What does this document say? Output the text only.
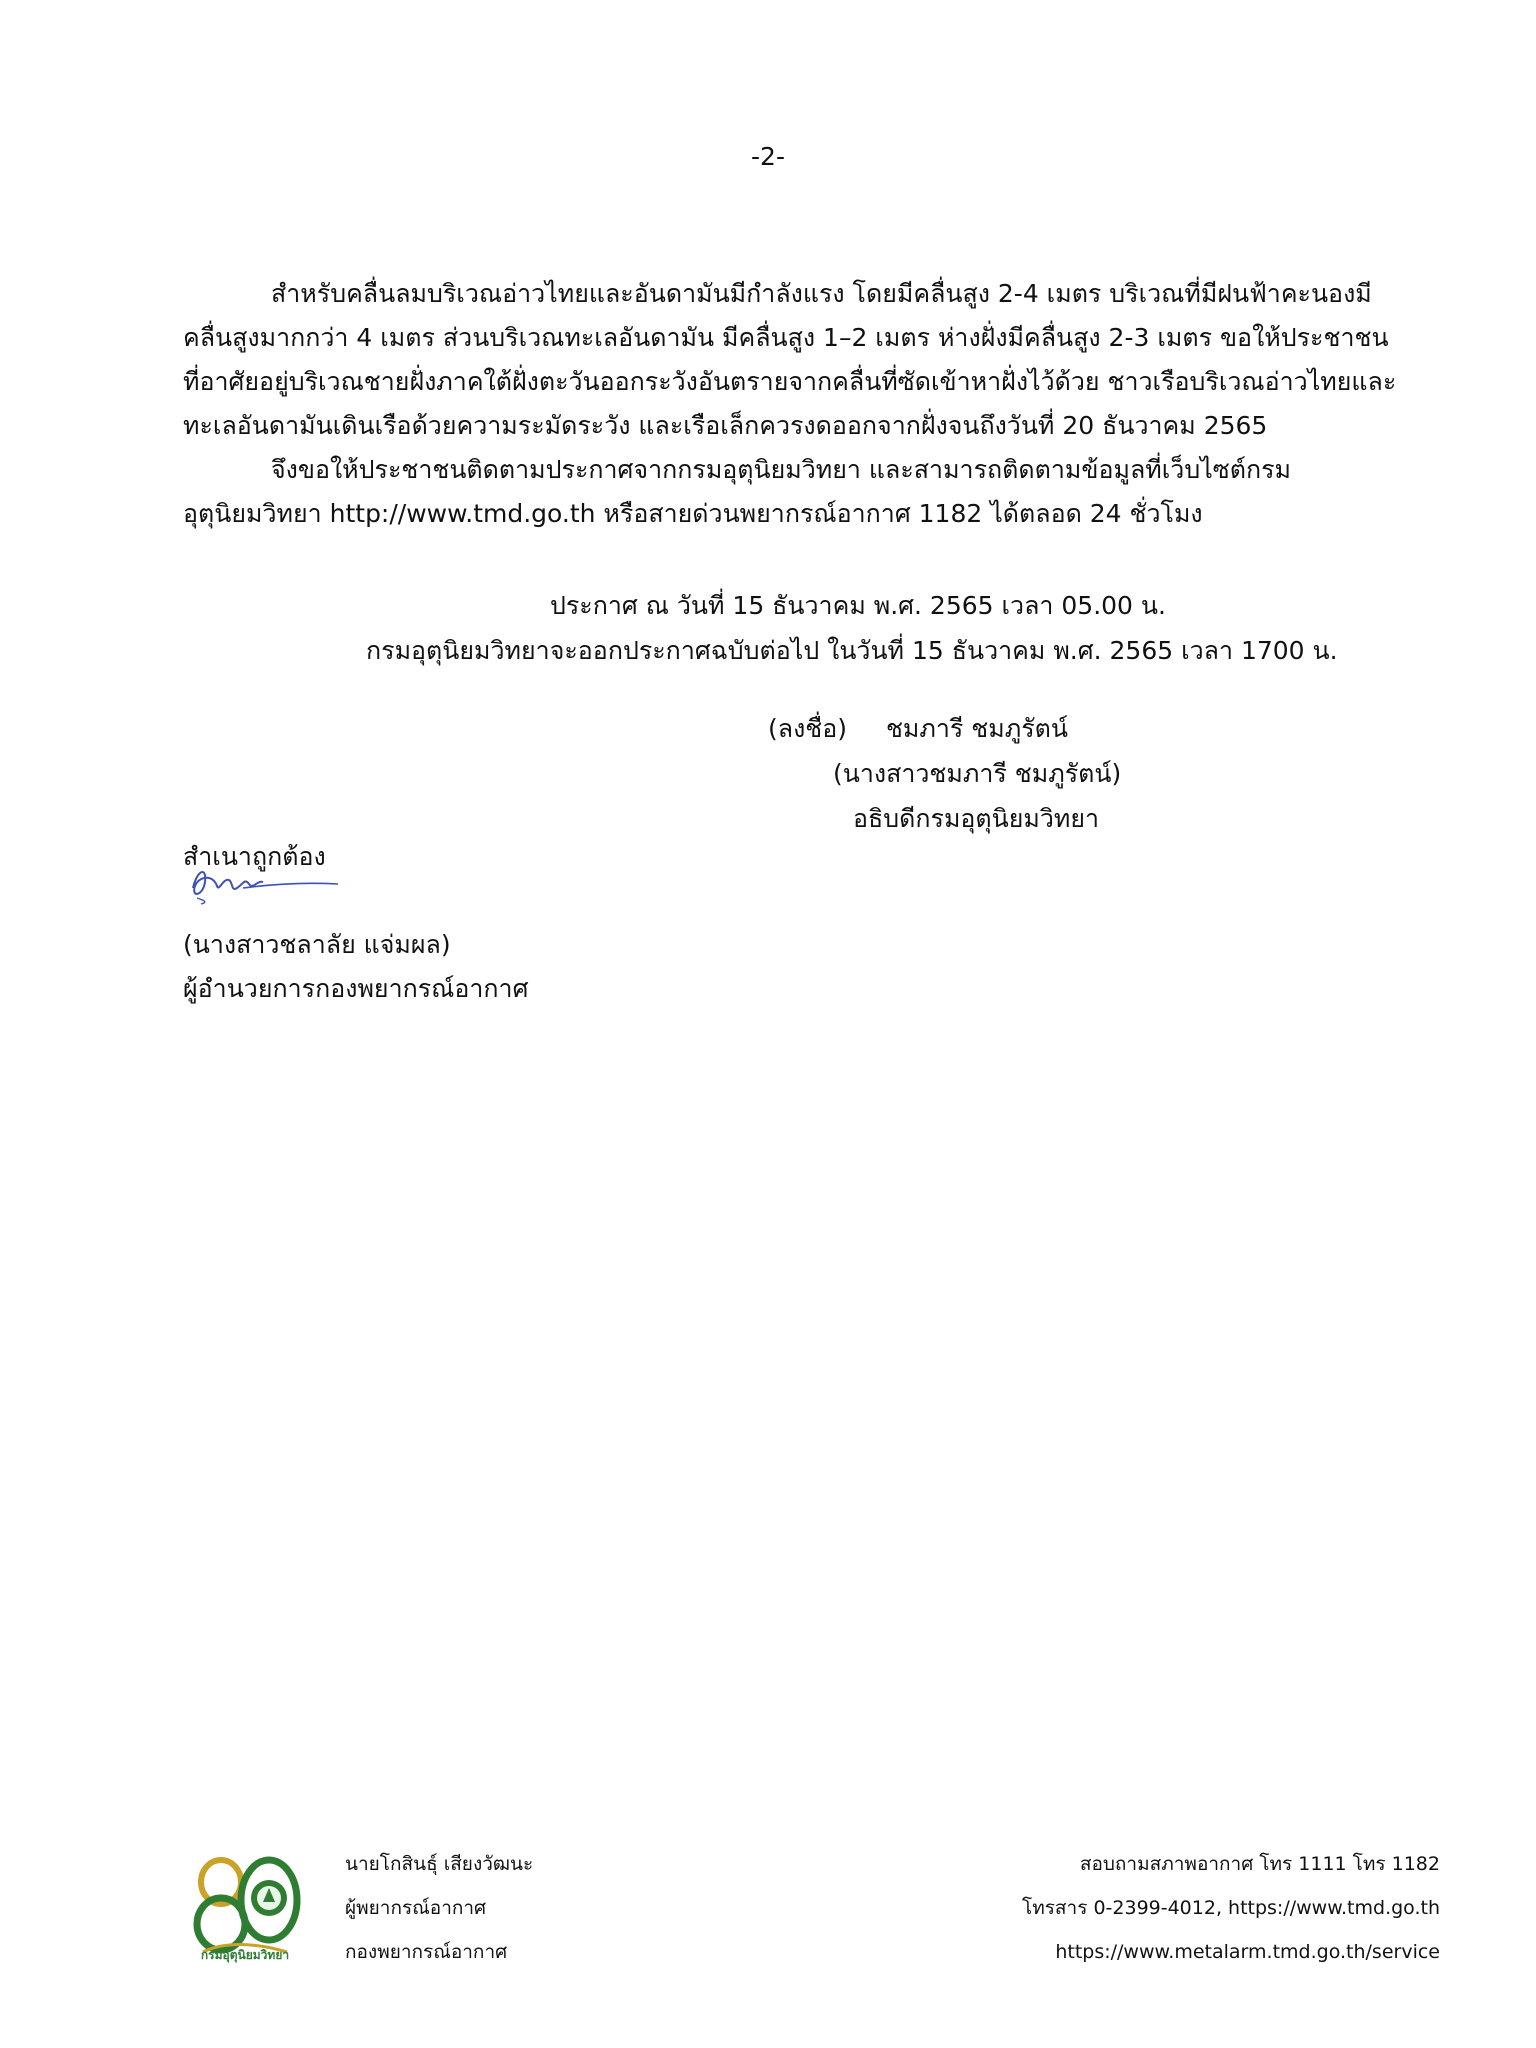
-2-

สำหรับคลื่นลมบริเวณอ่าวไทยและอันดามันมีกำลังแรง โดยมีคลื่นสูง 2-4 เมตร บริเวณที่มีฝนฟ้าคะนองมี
คลื่นสูงมากกว่า 4 เมตร ส่วนบริเวณทะเลอันดามัน มีคลื่นสูง 1–2 เมตร ห่างฝั่งมีคลื่นสูง 2-3 เมตร ขอให้ประชาชน
ที่อาศัยอยู่บริเวณชายฝั่งภาคใต้ฝั่งตะวันออกระวังอันตรายจากคลื่นที่ซัดเข้าหาฝั่งไว้ด้วย ชาวเรือบริเวณอ่าวไทยและ
ทะเลอันดามันเดินเรือด้วยความระมัดระวัง และเรือเล็กควรงดออกจากฝั่งจนถึงวันที่ 20 ธันวาคม 2565

จึงขอให้ประชาชนติดตามประกาศจากกรมอุตุนิยมวิทยา และสามารถติดตามข้อมูลที่เว็บไซต์กรม
อุตุนิยมวิทยา http://www.tmd.go.th หรือสายด่วนพยากรณ์อากาศ 1182 ได้ตลอด 24 ชั่วโมง

ประกาศ ณ วันที่ 15 ธันวาคม พ.ศ. 2565 เวลา 05.00 น.
กรมอุตุนิยมวิทยาจะออกประกาศฉบับต่อไป ในวันที่ 15 ธันวาคม พ.ศ. 2565 เวลา 1700 น.
(ลงชื่อ) ชมภารี ชมภูรัตน์
(นางสาวชมภารี ชมภูรัตน์)
อธิบดีกรมอุตุนิยมวิทยา
สำเนาถูกต้อง
(นางสาวชลาลัย แจ่มผล)
ผู้อำนวยการกองพยากรณ์อากาศ
กรมอุตุนิยมวิทยา
นายโกสินธุ์ เสียงวัฒนะ
ผู้พยากรณ์อากาศ
กองพยากรณ์อากาศ
สอบถามสภาพอากาศ โทร 1111 โทร 1182
โทรสาร 0-2399-4012, https://www.tmd.go.th
https://www.metalarm.tmd.go.th/service
